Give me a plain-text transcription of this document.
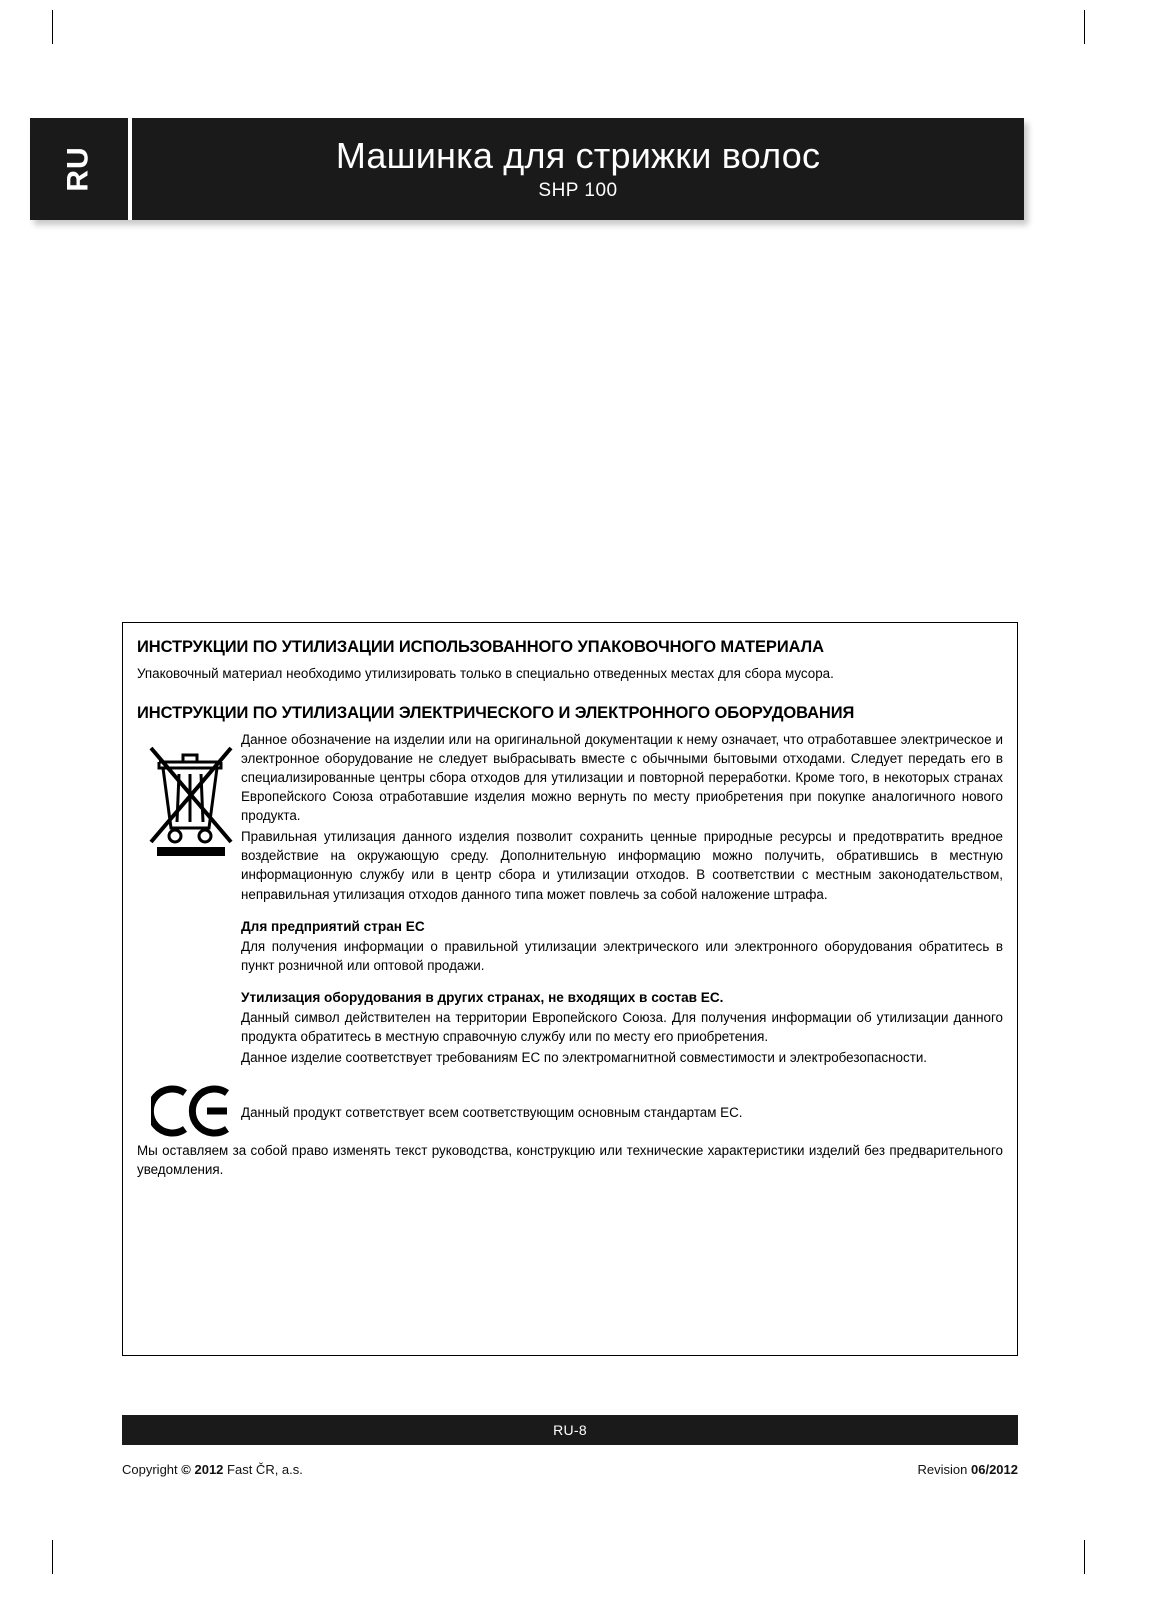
RU	Машинка для стрижки волос
SHP 100
ИНСТРУКЦИИ ПО УТИЛИЗАЦИИ ИСПОЛЬЗОВАННОГО УПАКОВОЧНОГО МАТЕРИАЛА

Упаковочный материал необходимо утилизировать только в специально отведенных местах для сбора мусора.

ИНСТРУКЦИИ ПО УТИЛИЗАЦИИ ЭЛЕКТРИЧЕСКОГО И ЭЛЕКТРОННОГО ОБОРУДОВАНИЯ

Данное обозначение на изделии или на оригинальной документации к нему означает, что отработавшее электрическое и электронное оборудование не следует выбрасывать вместе с обычными бытовыми отходами. Следует передать его в специализированные центры сбора отходов для утилизации и повторной переработки. Кроме того, в некоторых странах Европейского Союза отработавшие изделия можно вернуть по месту приобретения при покупке аналогичного нового продукта.

Правильная утилизация данного изделия позволит сохранить ценные природные ресурсы и предотвратить вредное воздействие на окружающую среду. Дополнительную информацию можно получить, обратившись в местную информационную службу или в центр сбора и утилизации отходов. В соответствии с местным законодательством, неправильная утилизация отходов данного типа может повлечь за собой наложение штрафа.

Для предприятий стран ЕС

Для получения информации о правильной утилизации электрического или электронного оборудования обратитесь в пункт розничной или оптовой продажи.

Утилизация оборудования в других странах, не входящих в состав ЕС.

Данный символ действителен на территории Европейского Союза. Для получения информации об утилизации данного продукта обратитесь в местную справочную службу или по месту его приобретения.

Данное изделие соответствует требованиям ЕС по электромагнитной совместимости и электробезопасности.

Данный продукт сответствует всем соответствующим основным стандартам ЕС.

Мы оставляем за собой право изменять текст руководства, конструкцию или технические характеристики изделий без предварительного уведомления.

RU-8
Copyright © 2012 Fast ČR, a.s.	Revision 06/2012
